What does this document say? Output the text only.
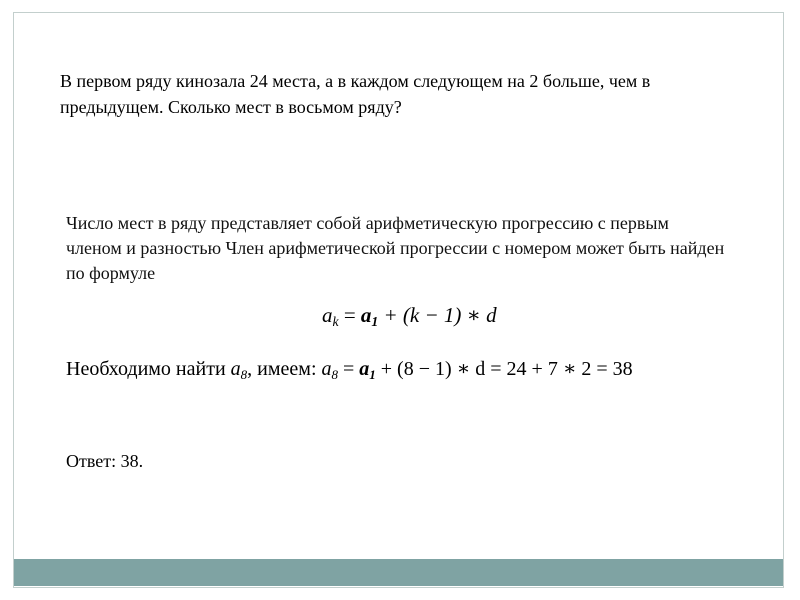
В первом ряду кинозала 24 места, а в каждом следующем на 2 больше, чем в предыдущем. Сколько мест в восьмом ряду?
Число мест в ряду представляет собой арифметическую прогрессию с первым членом и разностью Член арифметической прогрессии с номером может быть найден по формуле
$a_k = a_1 + (k - 1)$ ∗ d
Необходимо найти $a_8$, имеем: $a_8 = a_1 + (8 - 1)$ ∗ d = 24 + 7 ∗ 2 = 38
Ответ: 38.
